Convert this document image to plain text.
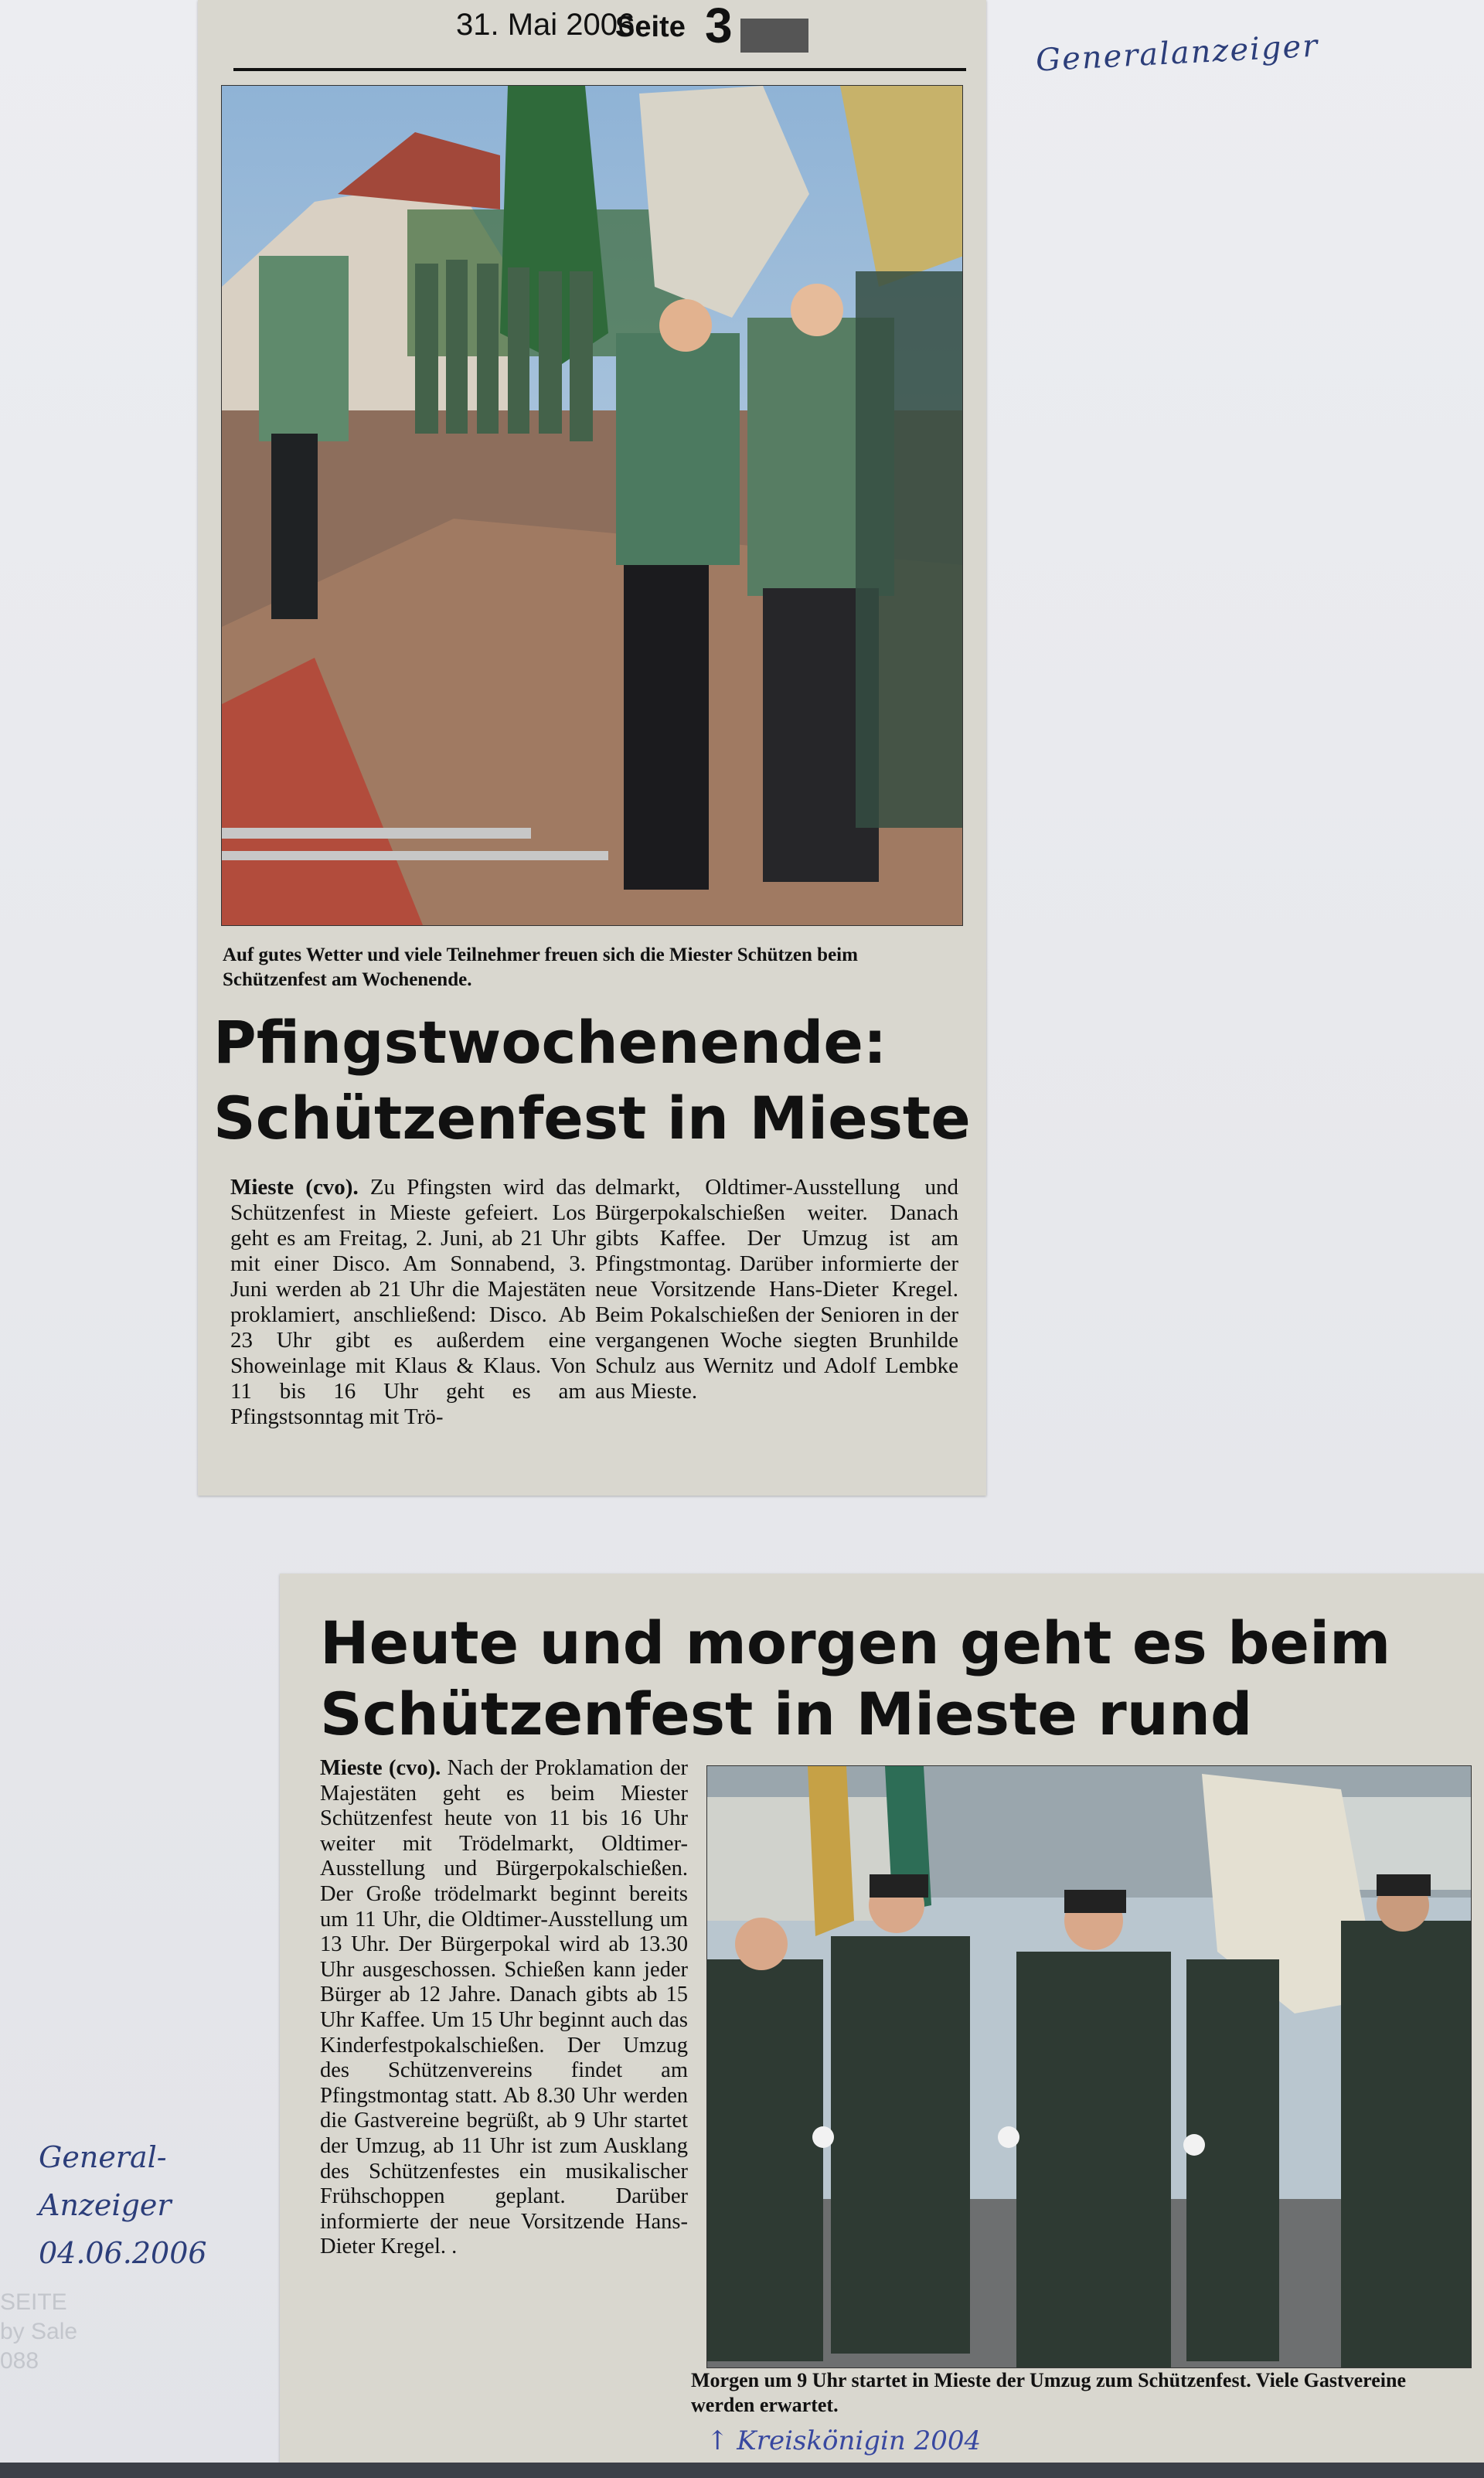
31. Mai 2006
Seite 3
Auf gutes Wetter und viele Teilnehmer freuen sich die Miester Schützen beim Schützenfest am Wochenende.
Pfingstwochenende:
Schützenfest in Mieste
Mieste (cvo). Zu Pfingsten wird das Schützenfest in Mieste gefeiert. Los geht es am Freitag, 2. Juni, ab 21 Uhr mit einer Disco. Am Sonnabend, 3. Juni werden ab 21 Uhr die Majestäten proklamiert, anschließend: Disco. Ab 23 Uhr gibt es außerdem eine Showeinlage mit Klaus & Klaus. Von 11 bis 16 Uhr geht es am Pfingstsonntag mit Trö-
delmarkt, Oldtimer-Ausstellung und Bürgerpokalschießen weiter. Danach gibts Kaffee. Der Umzug ist am Pfingstmontag. Darüber informierte der neue Vorsitzende Hans-Dieter Kregel. Beim Pokalschießen der Senioren in der vergangenen Woche siegten Brunhilde Schulz aus Wernitz und Adolf Lembke aus Mieste.
Heute und morgen geht es beim
Schützenfest in Mieste rund
Mieste (cvo). Nach der Proklamation der Majestäten geht es beim Miester Schützenfest heute von 11 bis 16 Uhr weiter mit Trödelmarkt, Oldtimer-Ausstellung und Bürgerpokalschießen. Der Große trödelmarkt beginnt bereits um 11 Uhr, die Oldtimer-Ausstellung um 13 Uhr. Der Bürgerpokal wird ab 13.30 Uhr ausgeschossen. Schießen kann jeder Bürger ab 12 Jahre. Danach gibts ab 15 Uhr Kaffee. Um 15 Uhr beginnt auch das Kinderfestpokalschießen. Der Umzug des Schützenvereins findet am Pfingstmontag statt. Ab 8.30 Uhr werden die Gastvereine begrüßt, ab 9 Uhr startet der Umzug, ab 11 Uhr ist zum Ausklang des Schützenfestes ein musikalischer Frühschoppen geplant. Darüber informierte der neue Vorsitzende Hans-Dieter Kregel. .
Morgen um 9 Uhr startet in Mieste der Umzug zum Schützenfest. Viele Gastvereine werden erwartet.
Generalanzeiger
General-
Anzeiger
04.06.2006
↑ Kreiskönigin 2004
SEITE
by Sale
088
